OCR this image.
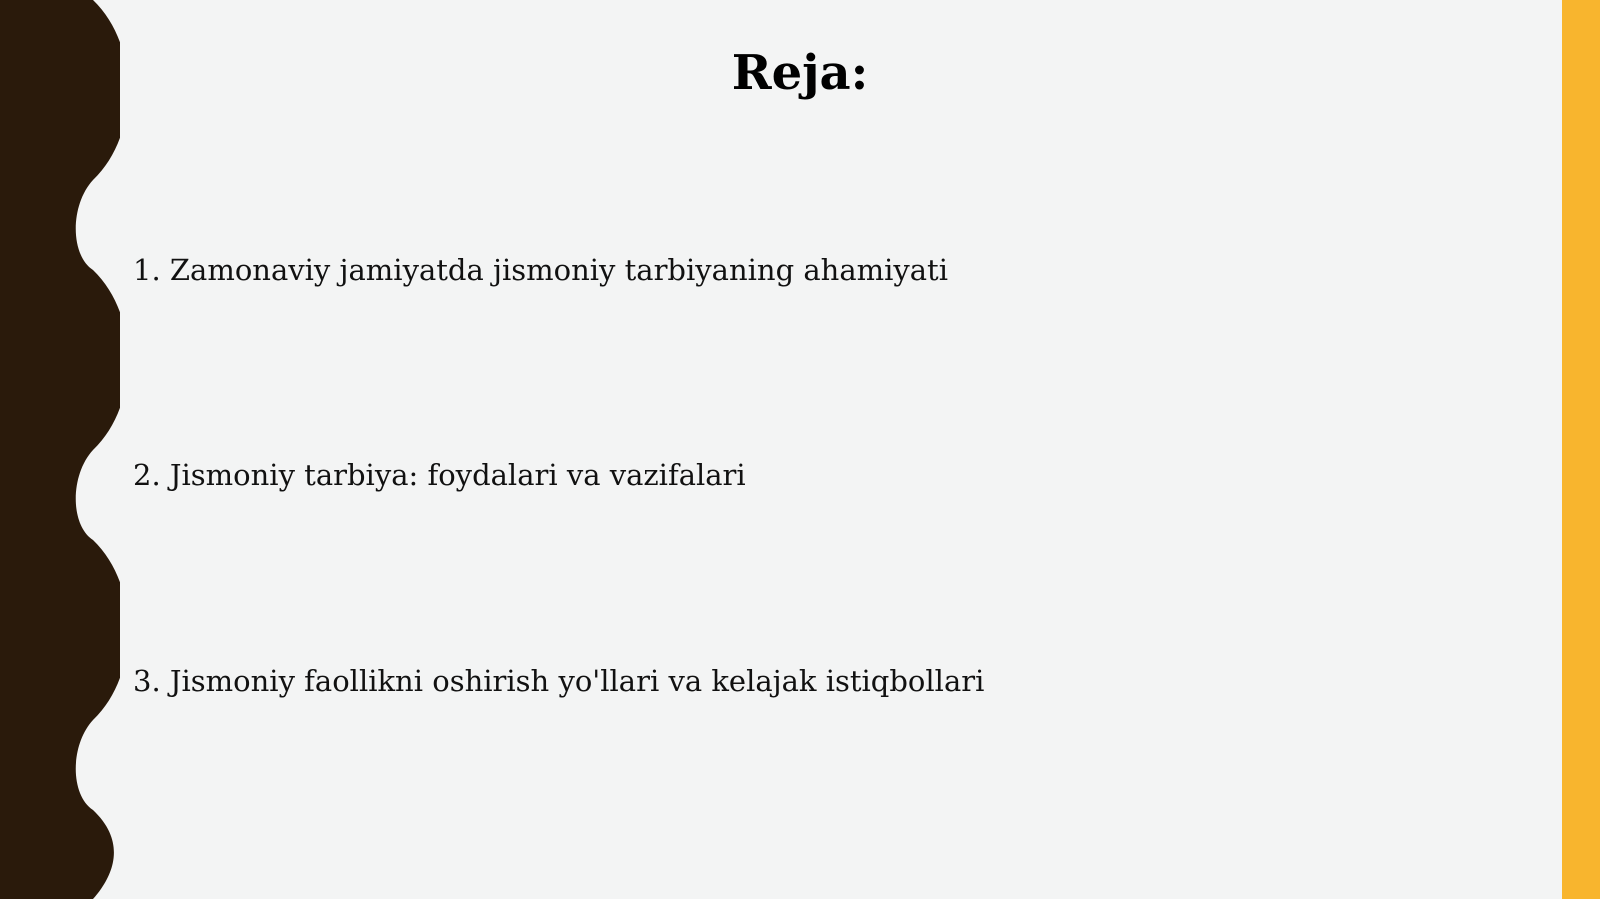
Reja:
1. Zamonaviy jamiyatda jismoniy tarbiyaning ahamiyati
2. Jismoniy tarbiya: foydalari va vazifalari
3. Jismoniy faollikni oshirish yo'llari va kelajak istiqbollari
